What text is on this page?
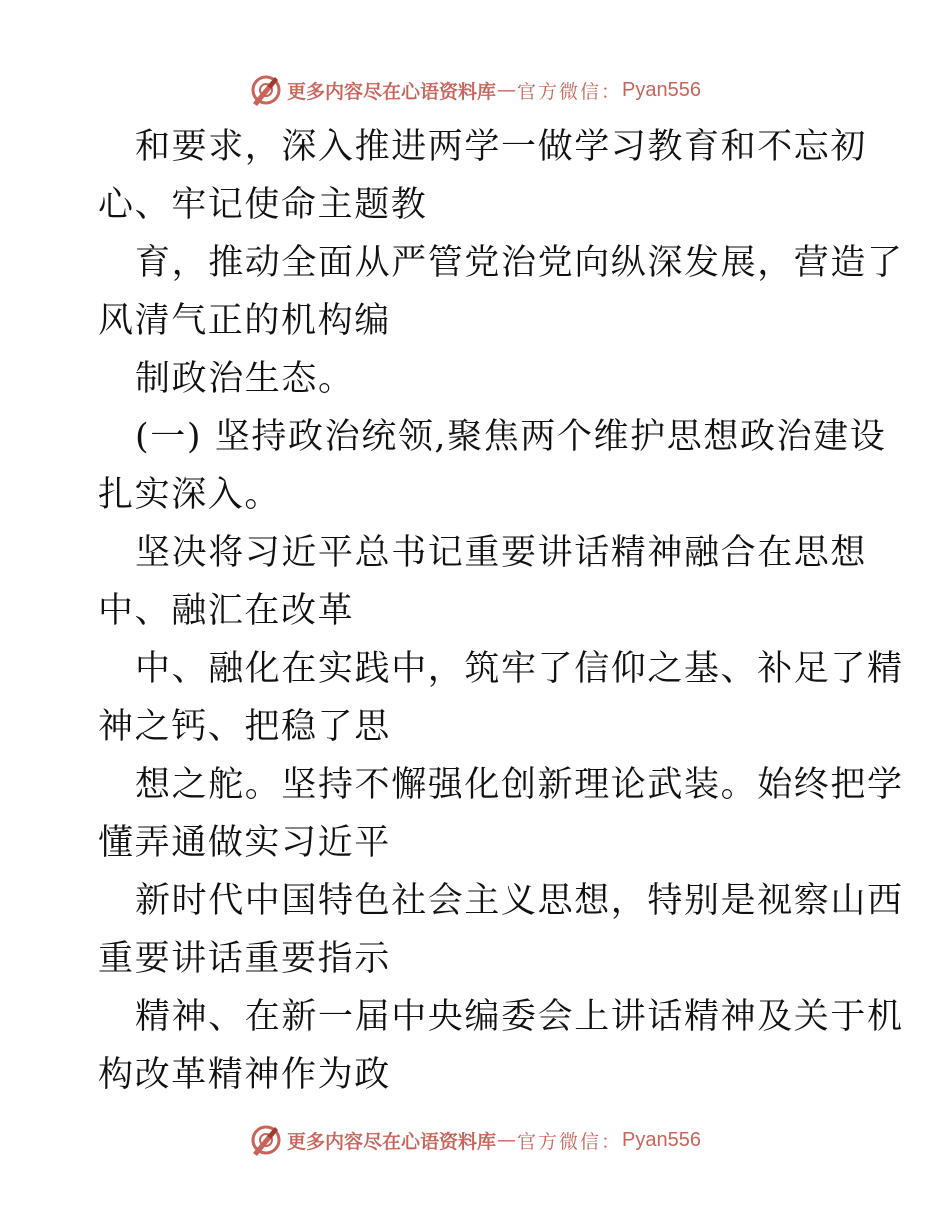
更多内容尽在心语资料库 — 官方微信： Pyan556
和要求，深入推进两学一做学习教育和不忘初
心、牢记使命主题教
育，推动全面从严管党治党向纵深发展，营造了
风清气正的机构编
制政治生态。
(一) 坚持政治统领,聚焦两个维护思想政治建设
扎实深入。
坚决将习近平总书记重要讲话精神融合在思想
中、融汇在改革
中、融化在实践中，筑牢了信仰之基、补足了精
神之钙、把稳了思
想之舵。坚持不懈强化创新理论武装。始终把学
懂弄通做实习近平
新时代中国特色社会主义思想，特别是视察山西
重要讲话重要指示
精神、在新一届中央编委会上讲话精神及关于机
构改革精神作为政
更多内容尽在心语资料库 — 官方微信： Pyan556
